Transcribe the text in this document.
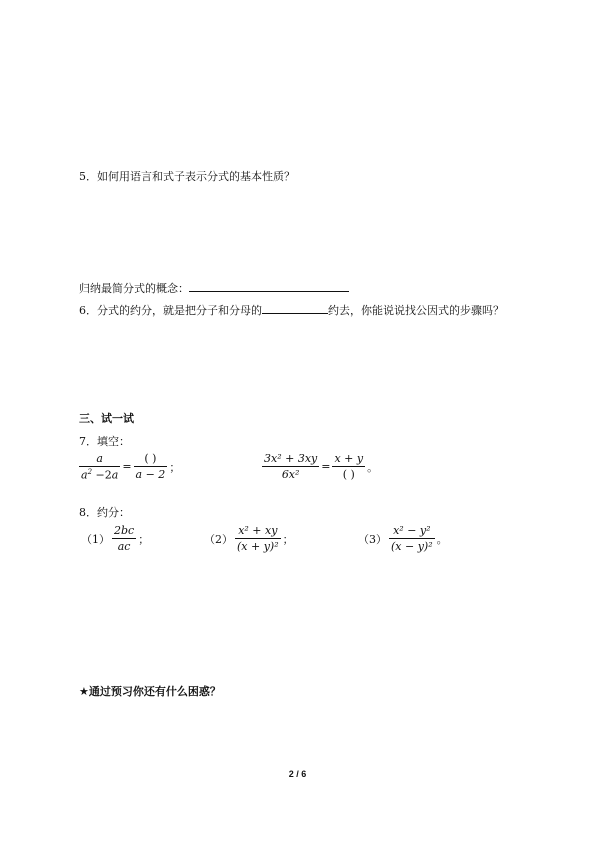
5．如何用语言和式子表示分式的基本性质？
归纳最简分式的概念：
6．分式的约分，就是把分子和分母的	约去，你能说说找公因式的步骤吗？
三、试一试
7．填空：
$\frac{a}{a^2 -2a} = \frac{( )}{a - 2}$ ；	$\frac{\text{3x² + 3xy}}{\text{6x²}} = \frac{x + y}{( )}$ 。
8．约分：
$(1) \frac{2bc}{ac}$ ；	$(2) \frac{\text{x² + xy}}{\text{(x + y)²}}$ ；	$(3) \frac{\text{x² − y²}}{\text{(x − y)²}}$ 。
★通过预习你还有什么困惑？
2 / 6
